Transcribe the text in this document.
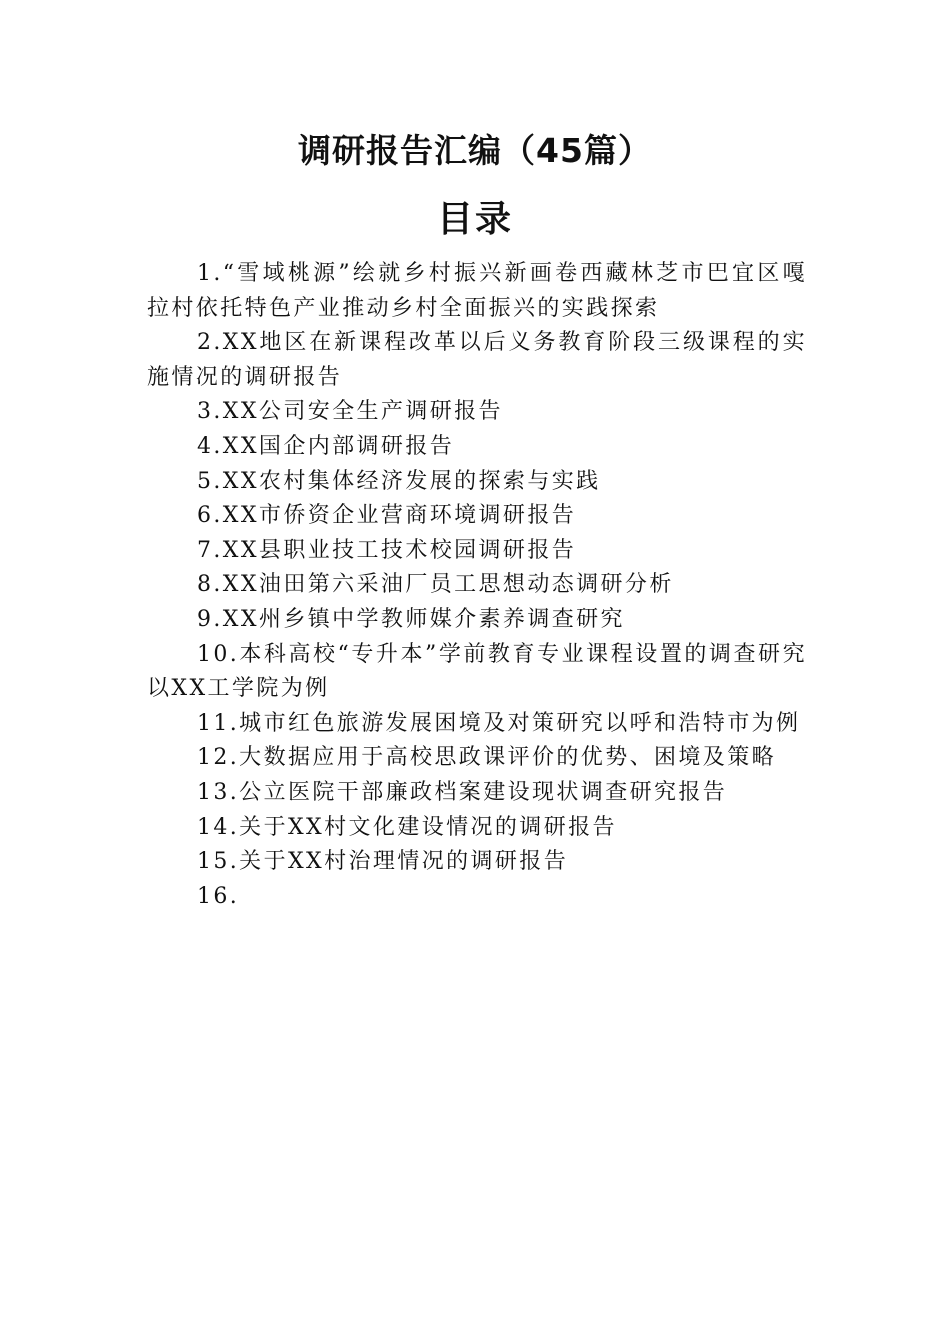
调研报告汇编（45篇）
目录
1.“雪域桃源”绘就乡村振兴新画卷西藏林芝市巴宜区嘎拉村依托特色产业推动乡村全面振兴的实践探索
2.XX地区在新课程改革以后义务教育阶段三级课程的实施情况的调研报告
3.XX公司安全生产调研报告
4.XX国企内部调研报告
5.XX农村集体经济发展的探索与实践
6.XX市侨资企业营商环境调研报告
7.XX县职业技工技术校园调研报告
8.XX油田第六采油厂员工思想动态调研分析
9.XX州乡镇中学教师媒介素养调查研究
10.本科高校“专升本”学前教育专业课程设置的调查研究以XX工学院为例
11.城市红色旅游发展困境及对策研究以呼和浩特市为例
12.大数据应用于高校思政课评价的优势、困境及策略
13.公立医院干部廉政档案建设现状调查研究报告
14.关于XX村文化建设情况的调研报告
15.关于XX村治理情况的调研报告
16.
